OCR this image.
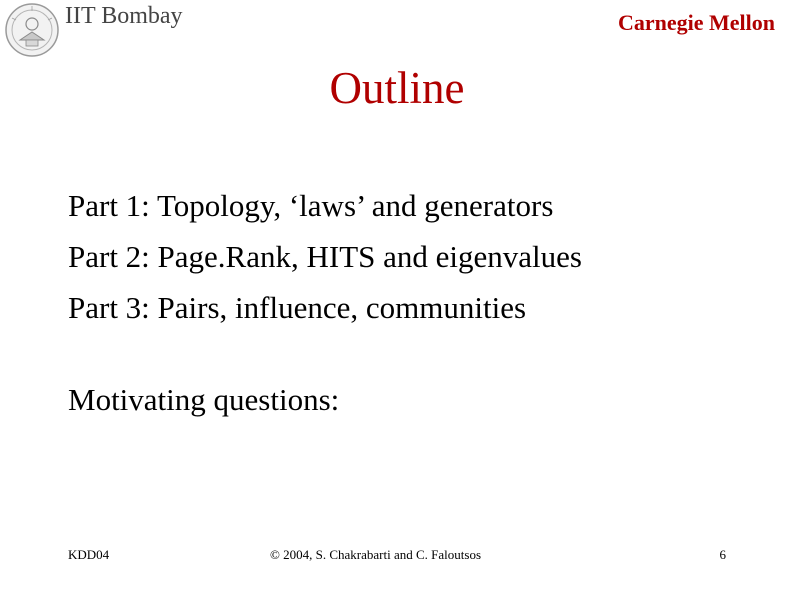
IIT Bombay	Carnegie Mellon
Outline
Part 1: Topology, ‘laws’ and generators
Part 2: Page.Rank, HITS and eigenvalues
Part 3: Pairs, influence, communities
Motivating questions:
KDD04	© 2004, S. Chakrabarti and C. Faloutsos	6
